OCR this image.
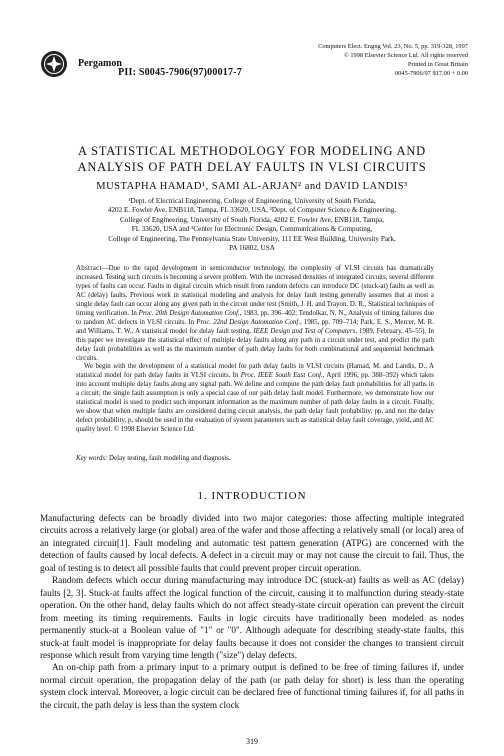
Pergamon
PII: S0045-7906(97)00017-7
Computers Elect. Engng Vol. 23, No. 5, pp. 319-328, 1997
© 1998 Elsevier Science Ltd. All rights reserved
Printed in Great Britain
0045-7906/97 $17.00 + 0.00
A STATISTICAL METHODOLOGY FOR MODELING AND
ANALYSIS OF PATH DELAY FAULTS IN VLSI CIRCUITS
MUSTAPHA HAMAD¹, SAMI AL-ARJAN² and DAVID LANDIS³
¹Dept. of Electrical Engineering, College of Engineering, University of South Florida,
4202 E. Fowler Ave, ENB118, Tampa, FL 33620, USA, ²Dept. of Computer Science & Engineering,
College of Engineering, University of South Florida, 4202 E. Fowler Ave, ENB118, Tampa,
FL 33620, USA and ³Center for Electronic Design, Communications & Computing,
College of Engineering, The Pennsylvania State University, 111 EE West Building, University Park,
PA 16802, USA

Abstract—Due to the rapid development in semiconductor technology, the complexity of VLSI circuits has dramatically increased. Testing such circuits is becoming a severe problem. With the increased densities of integrated circuits, several different types of faults can occur. Faults in digital circuits which result from random defects can introduce DC (stuck-at) faults as well as AC (delay) faults. Previous work in statistical modeling and analysis for delay fault testing generally assumes that at most a single delay fault can occur along any given path in the circuit under test (Smith, J. H. and Trayon, D. R., Statistical techniques of timing verification. In Proc. 20th Design Automation Conf., 1983, pp. 396–402; Tendolkar, N. N., Analysis of timing failures due to random AC defects in VLSI circuits. In Proc. 22nd Design Automation Conf., 1985, pp. 709–714; Park, E. S., Mercer, M. R. and Williams, T. W., A statistical model for delay fault testing. IEEE Design and Test of Computers, 1989, February, 45–55). In this paper we investigate the statistical effect of multiple delay faults along any path in a circuit under test, and predict the path delay fault probabilities as well as the maximum number of path delay faults for both combinational and sequential benchmark circuits.

We begin with the development of a statistical model for path delay faults in VLSI circuits (Hamad, M. and Landis, D., A statistical model for path delay faults in VLSI circuits. In Proc. IEEE South East Conf., April 1996, pp. 388–392) which takes into account multiple delay faults along any signal path. We define and compute the path delay fault probabilities for all paths in a circuit; the single fault assumption is only a special case of our path delay fault model. Furthermore, we demonstrate how our statistical model is used to predict such important information as the maximum number of path delay faults in a circuit. Finally, we show that when multiple faults are considered during circuit analysis, the path delay fault probability, pp, and not the delay defect probability, p, should be used in the evaluation of system parameters such as statistical delay fault coverage, yield, and AC quality level. © 1998 Elsevier Science Ltd.

Key words: Delay testing, fault modeling and diagnosis.
1. INTRODUCTION

Manufacturing defects can be broadly divided into two major categories: those affecting multiple integrated circuits across a relatively large (or global) area of the wafer and those affecting a relatively small (or local) area of an integrated circuit[1]. Fault modeling and automatic test pattern generation (ATPG) are concerned with the detection of faults caused by local defects. A defect in a circuit may or may not cause the circuit to fail. Thus, the goal of testing is to detect all possible faults that could prevent proper circuit operation.

Random defects which occur during manufacturing may introduce DC (stuck-at) faults as well as AC (delay) faults [2, 3]. Stuck-at faults affect the logical function of the circuit, causing it to malfunction during steady-state operation. On the other hand, delay faults which do not affect steady-state circuit operation can prevent the circuit from meeting its timing requirements. Faults in logic circuits have traditionally been modeled as nodes permanently stuck-at a Boolean value of "1" or "0". Although adequate for describing steady-state faults, this stuck-at fault model is inappropriate for delay faults because it does not consider the changes to transient circuit response which result from varying time length ("size") delay defects.

An on-chip path from a primary input to a primary output is defined to be free of timing failures if, under normal circuit operation, the propagation delay of the path (or path delay for short) is less than the operating system clock interval. Moreover, a logic circuit can be declared free of functional timing failures if, for all paths in the circuit, the path delay is less than the system clock

319
